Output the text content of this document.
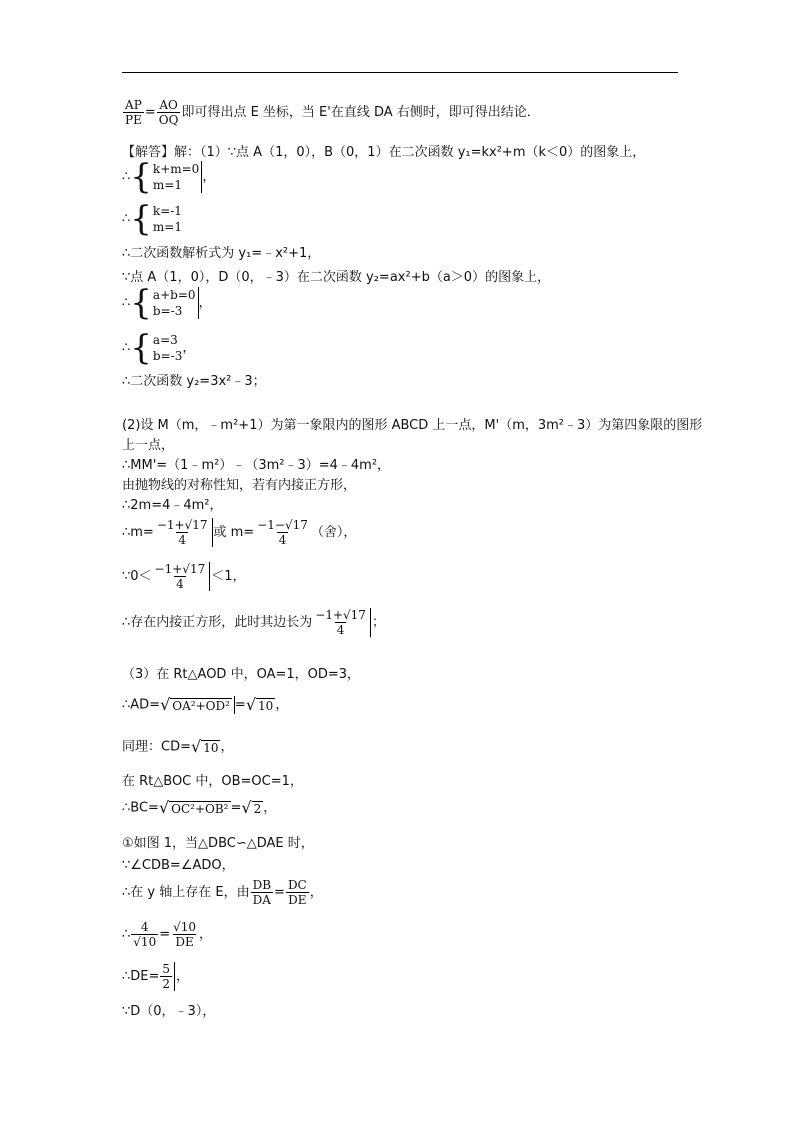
$\frac{AP}{PE} = \frac{AO}{OQ}$ 即可得出点 E 坐标，当 E'在直线 DA 右侧时，即可得出结论．
【解答】解：（1）∵点 A（1，0），B（0，1）在二次函数 y₁=kx²+m（k＜0）的图象上，
∴ { k+m=0
m=1
，
∴ { k=-1
m=1
∴二次函数解析式为 y₁=﹣x²+1，
∵点 A（1，0），D（0，﹣3）在二次函数 y₂=ax²+b（a＞0）的图象上，
∴ { a+b=0
b=-3
，
∴ { a=3
b=-3
，
∴二次函数 y₂=3x²﹣3；
(2)设 M（m，﹣m²+1）为第一象限内的图形 ABCD 上一点，M'（m，3m²﹣3）为第四象限的图形
上一点，
∴MM'=（1﹣m²）﹣（3m²﹣3）=4﹣4m²，
由抛物线的对称性知，若有内接正方形，
∴2m=4﹣4m²，
∴m= $\frac{-1+√17}{4}$ 或 $m= \frac{-1-√17}{4}$ （舍），
∵0＜ $\frac{-1+√17}{4} <1$，
∴存在内接正方形，此时其边长为 $\frac{-1+√17}{4}$ ；
（3）在 Rt△AOD 中，OA=1，OD=3，
∴AD= √ OA²+OD² = √ 10 ，
同理：CD= √ 10 ，
在 Rt△BOC 中，OB=OC=1，
∴BC= √ OC²+OB² = √ 2 ，
①如图 1，当△DBC∽△DAE 时，
∵∠CDB=∠ADO，
∴在 y 轴上存在 E，由 $\frac{DB}{DA} = \frac{DC}{DE}$ ，
∴ $\frac{4}{√10} = \frac{√10}{DE}$ ，
∴DE= $\frac{5}{2}$ ，
∵D（0，﹣3），
